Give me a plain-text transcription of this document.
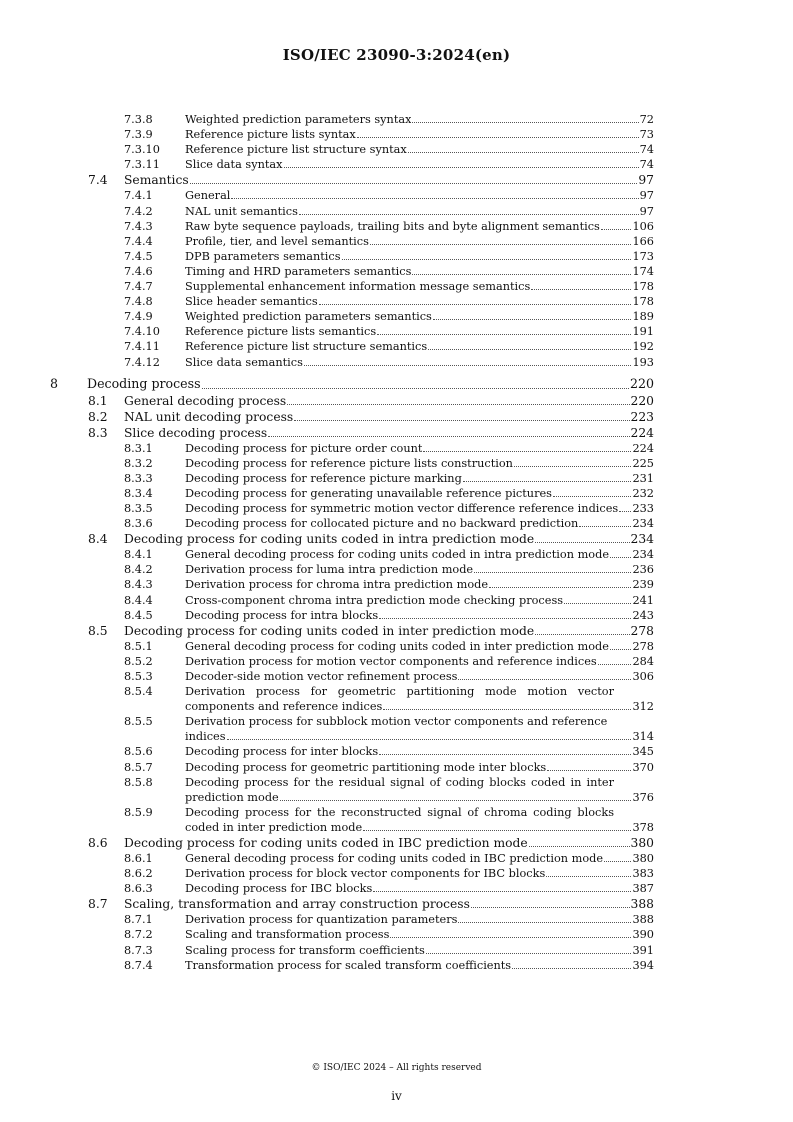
ISO/IEC 23090-3:2024(en)
7.3.8	Weighted prediction parameters syntax	72
7.3.9	Reference picture lists syntax	73
7.3.10 Reference picture list structure syntax	74
7.3.11 Slice data syntax	74
7.4 Semantics	97
7.4.1	General	97
7.4.2	NAL unit semantics	97
7.4.3	Raw byte sequence payloads, trailing bits and byte alignment semantics	106
7.4.4	Profile, tier, and level semantics	166
7.4.5	DPB parameters semantics	173
7.4.6	Timing and HRD parameters semantics	174
7.4.7	Supplemental enhancement information message semantics	178
7.4.8	Slice header semantics	178
7.4.9	Weighted prediction parameters semantics	189
7.4.10 Reference picture lists semantics	191
7.4.11 Reference picture list structure semantics	192
7.4.12 Slice data semantics	193
8 Decoding process	220
8.1 General decoding process	220
8.2 NAL unit decoding process	223
8.3 Slice decoding process	224
8.3.1	Decoding process for picture order count	224
8.3.2	Decoding process for reference picture lists construction	225
8.3.3	Decoding process for reference picture marking	231
8.3.4	Decoding process for generating unavailable reference pictures	232
8.3.5	Decoding process for symmetric motion vector difference reference indices 233
8.3.6	Decoding process for collocated picture and no backward prediction	234
8.4 Decoding process for coding units coded in intra prediction mode	234
8.4.1	General decoding process for coding units coded in intra prediction mode 234
8.4.2	Derivation process for luma intra prediction mode	236
8.4.3	Derivation process for chroma intra prediction mode	239
8.4.4	Cross-component chroma intra prediction mode checking process	241
8.4.5	Decoding process for intra blocks	243
8.5 Decoding process for coding units coded in inter prediction mode	278
8.5.1	General decoding process for coding units coded in inter prediction mode 278
8.5.2	Derivation process for motion vector components and reference indices	284
8.5.3	Decoder-side motion vector refinement process	306
8.5.4	Derivation process for geometric partitioning mode motion vector
components and reference indices	312
8.5.5	Derivation process for subblock motion vector components and reference
indices	314
8.5.6	Decoding process for inter blocks	345
8.5.7	Decoding process for geometric partitioning mode inter blocks	370
8.5.8	Decoding process for the residual signal of coding blocks coded in inter
prediction mode	376
8.5.9	Decoding process for the reconstructed signal of chroma coding blocks
coded in inter prediction mode	378
8.6 Decoding process for coding units coded in IBC prediction mode	380
8.6.1	General decoding process for coding units coded in IBC prediction mode	380
8.6.2	Derivation process for block vector components for IBC blocks	383
8.6.3	Decoding process for IBC blocks	387
8.7 Scaling, transformation and array construction process	388
8.7.1	Derivation process for quantization parameters	388
8.7.2	Scaling and transformation process	390
8.7.3	Scaling process for transform coefficients	391
8.7.4	Transformation process for scaled transform coefficients	394
© ISO/IEC 2024 – All rights reserved
iv
